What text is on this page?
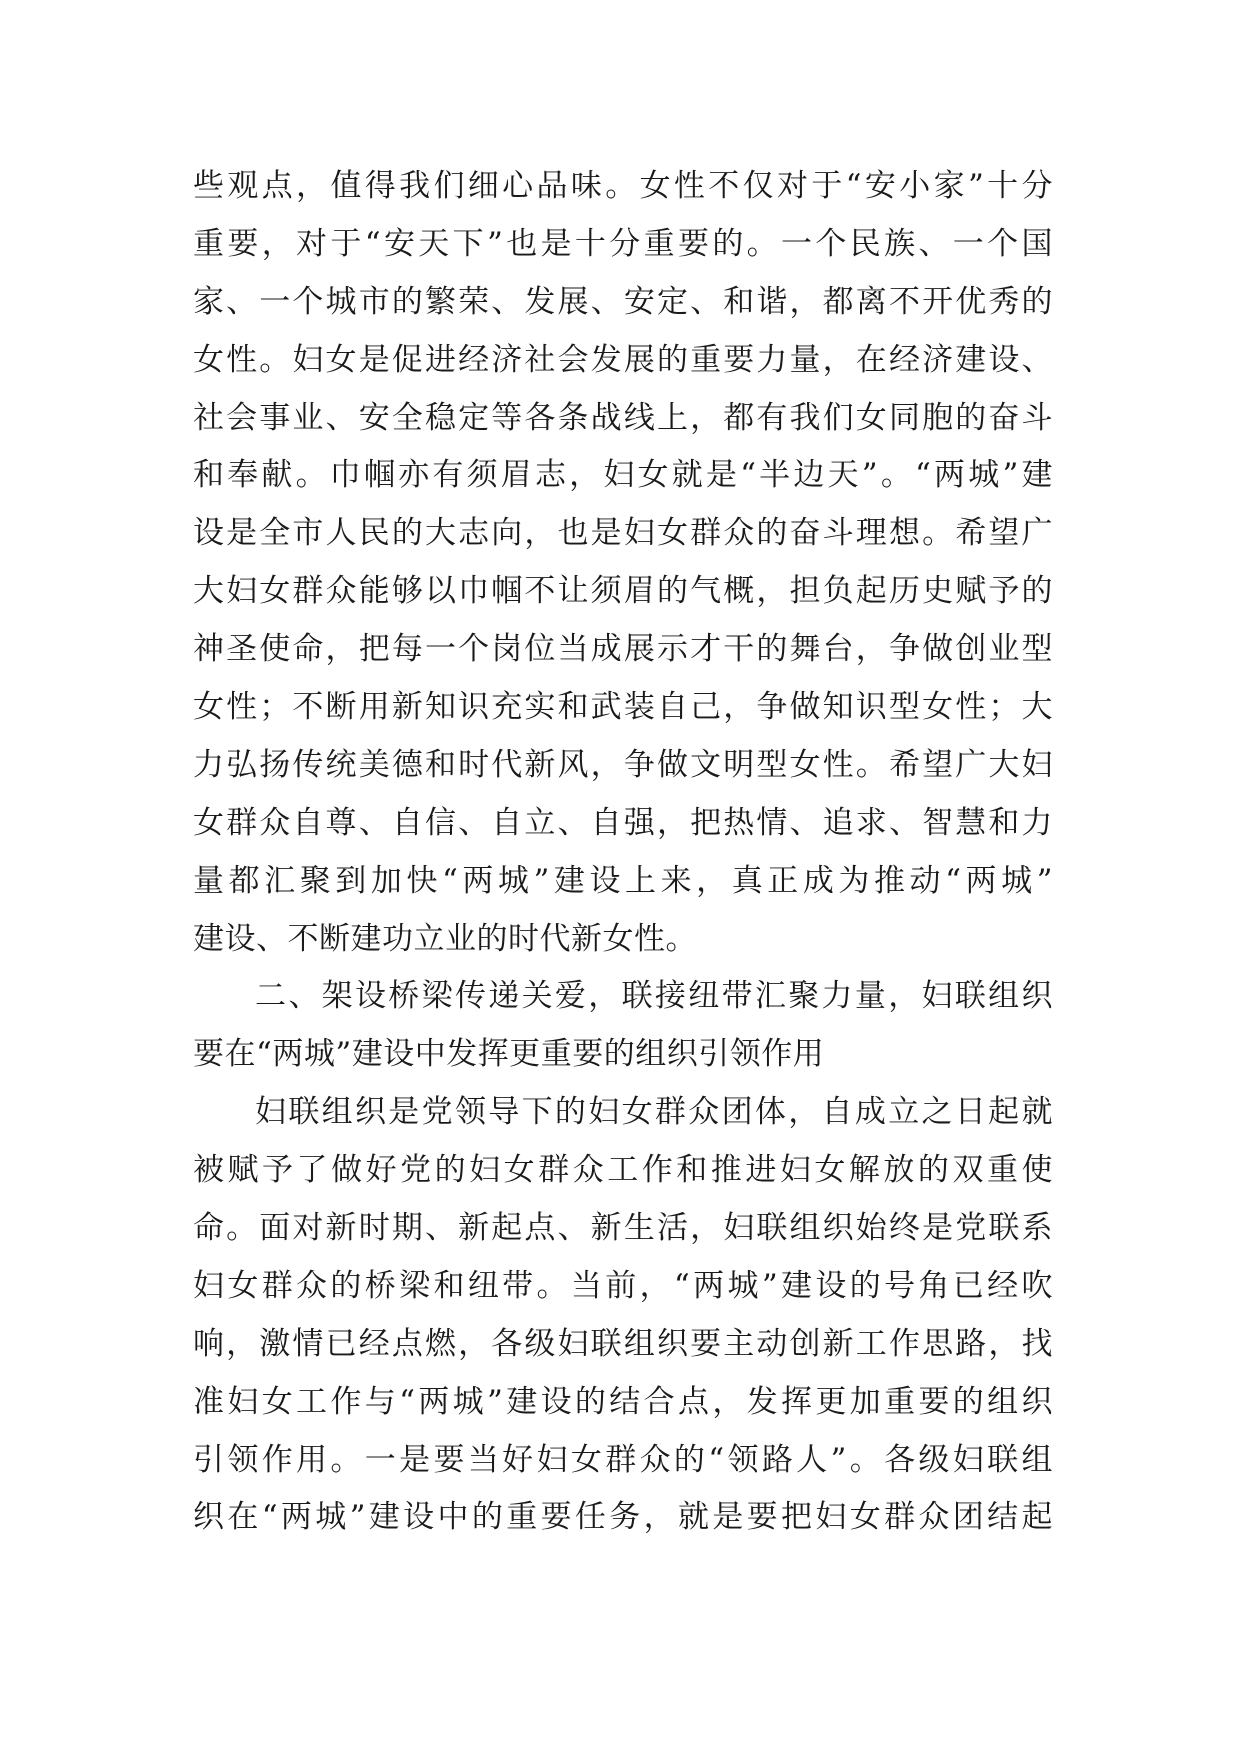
些观点，值得我们细心品味。女性不仅对于“安小家”十分
重要，对于“安天下”也是十分重要的。一个民族、一个国
家、一个城市的繁荣、发展、安定、和谐，都离不开优秀的
女性。妇女是促进经济社会发展的重要力量，在经济建设、
社会事业、安全稳定等各条战线上，都有我们女同胞的奋斗
和奉献。巾帼亦有须眉志，妇女就是“半边天”。“两城”建
设是全市人民的大志向，也是妇女群众的奋斗理想。希望广
大妇女群众能够以巾帼不让须眉的气概，担负起历史赋予的
神圣使命，把每一个岗位当成展示才干的舞台，争做创业型
女性；不断用新知识充实和武装自己，争做知识型女性；大
力弘扬传统美德和时代新风，争做文明型女性。希望广大妇
女群众自尊、自信、自立、自强，把热情、追求、智慧和力
量都汇聚到加快“两城”建设上来，真正成为推动“两城”
建设、不断建功立业的时代新女性。
二、架设桥梁传递关爱，联接纽带汇聚力量，妇联组织
要在“两城”建设中发挥更重要的组织引领作用
妇联组织是党领导下的妇女群众团体，自成立之日起就
被赋予了做好党的妇女群众工作和推进妇女解放的双重使
命。面对新时期、新起点、新生活，妇联组织始终是党联系
妇女群众的桥梁和纽带。当前，“两城”建设的号角已经吹
响，激情已经点燃，各级妇联组织要主动创新工作思路，找
准妇女工作与“两城”建设的结合点，发挥更加重要的组织
引领作用。一是要当好妇女群众的“领路人”。各级妇联组
织在“两城”建设中的重要任务，就是要把妇女群众团结起
